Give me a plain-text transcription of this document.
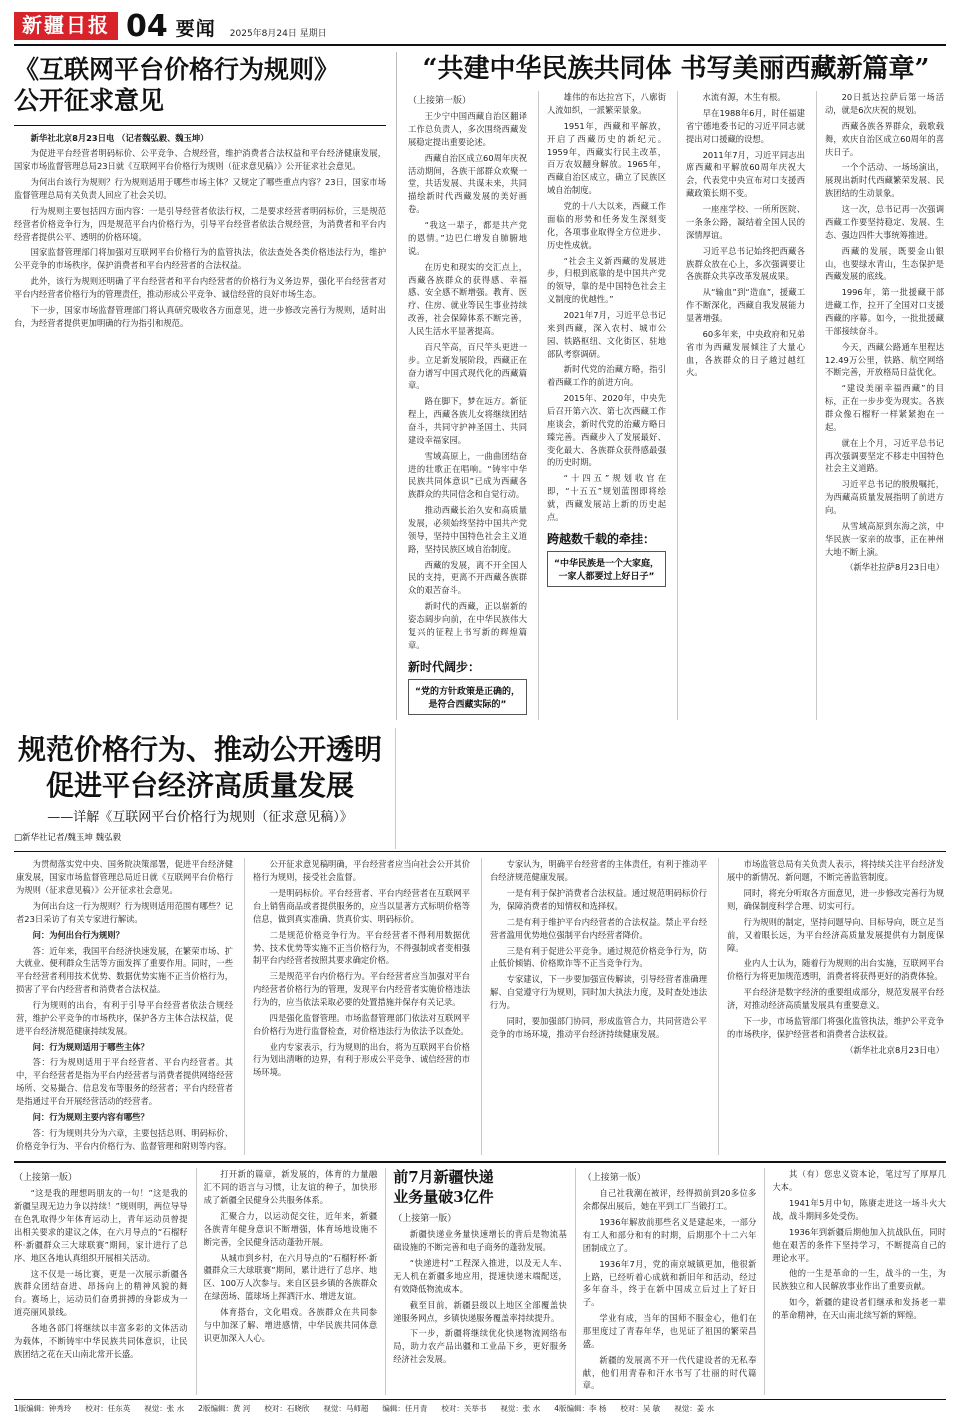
新疆日报 04 要闻 2025年8月24日 星期日
《互联网平台价格行为规则》
公开征求意见

新华社北京8月23日电 （记者魏弘毅、魏玉坤）

为促进平台经营者明码标价、公平竞争、合规经营，维护消费者合法权益和平台经济健康发展，国家市场监督管理总局23日就《互联网平台价格行为规则（征求意见稿）》公开征求社会意见。

为何出台该行为规则？行为规则适用于哪些市场主体？又规定了哪些重点内容？23日，国家市场监督管理总局有关负责人回应了社会关切。

行为规则主要包括四方面内容：一是引导经营者依法行权，二是要求经营者明码标价，三是规范经营者价格竞争行为，四是规范平台内价格行为，引导平台经营者依法合规经营，为消费者和平台内经营者提供公平、透明的价格环境。

国家监督管理部门将加强对互联网平台价格行为的监管执法，依法查处各类价格违法行为，维护公平竞争的市场秩序，保护消费者和平台内经营者的合法权益。

此外，该行为规则还明确了平台经营者和平台内经营者的价格行为义务边界，强化平台经营者对平台内经营者价格行为的管理责任，推动形成公平竞争、诚信经营的良好市场生态。

下一步，国家市场监督管理部门将认真研究吸收各方面意见，进一步修改完善行为规则，适时出台，为经营者提供更加明确的行为指引和规范。

“共建中华民族共同体 书写美丽西藏新篇章”

（上接第一版）

王少宁中国西藏自治区翻译工作总负责人，多次围绕西藏发展稳定提出重要论述。

西藏自治区成立60周年庆祝活动期间，各族干部群众欢聚一堂，共话发展、共谋未来，共同描绘新时代西藏发展的美好画卷。

“我这一辈子，都是共产党的恩情。”边巴仁增发自肺腑地说。

在历史和现实的交汇点上，西藏各族群众的获得感、幸福感、安全感不断增强。教育、医疗、住房、就业等民生事业持续改善，社会保障体系不断完善，人民生活水平显著提高。

百尺竿高，百尺竿头更进一步。立足新发展阶段，西藏正在奋力谱写中国式现代化的西藏篇章。

路在脚下，梦在远方。新征程上，西藏各族儿女将继续团结奋斗，共同守护神圣国土、共同建设幸福家园。

雪域高原上，一曲曲团结奋进的壮歌正在唱响。“铸牢中华民族共同体意识”已成为西藏各族群众的共同信念和自觉行动。

推动西藏长治久安和高质量发展，必须始终坚持中国共产党领导，坚持中国特色社会主义道路，坚持民族区域自治制度。

西藏的发展，离不开全国人民的支持，更离不开西藏各族群众的艰苦奋斗。

新时代的西藏，正以崭新的姿态阔步向前，在中华民族伟大复兴的征程上书写新的辉煌篇章。

新时代阔步：
“党的方针政策是正确的，是符合西藏实际的”

雄伟的布达拉宫下，八廓街人流如织，一派繁荣景象。

1951年，西藏和平解放，开启了西藏历史的新纪元。1959年，西藏实行民主改革，百万农奴翻身解放。1965年，西藏自治区成立，确立了民族区域自治制度。

党的十八大以来，西藏工作面临的形势和任务发生深刻变化，各项事业取得全方位进步、历史性成就。

“社会主义新西藏的发展进步，归根到底靠的是中国共产党的领导，靠的是中国特色社会主义制度的优越性。”

2021年7月，习近平总书记来到西藏，深入农村、城市公园、铁路枢纽、文化街区、驻地部队考察调研。

新时代党的治藏方略，指引着西藏工作的前进方向。

2015年、2020年，中央先后召开第六次、第七次西藏工作座谈会，新时代党的治藏方略日臻完善。西藏步入了发展最好、变化最大、各族群众获得感最强的历史时期。

“十四五”规划收官在即，“十五五”规划蓝图即将绘就，西藏发展站上新的历史起点。

跨越数千载的牵挂：
“中华民族是一个大家庭，一家人都要过上好日子”

水流有源，木生有根。

早在1988年6月，时任福建省宁德地委书记的习近平同志就提出对口援藏的设想。

2011年7月，习近平同志出席西藏和平解放60周年庆祝大会，代表党中央宣布对口支援西藏政策长期不变。

一座座学校、一所所医院、一条条公路，凝结着全国人民的深情厚谊。

习近平总书记始终把西藏各族群众放在心上，多次强调要让各族群众共享改革发展成果。

从“输血”到“造血”，援藏工作不断深化，西藏自我发展能力显著增强。

60多年来，中央政府和兄弟省市为西藏发展倾注了大量心血，各族群众的日子越过越红火。

20日抵达拉萨后第一场活动，就是6次庆祝的规划。

西藏各族各界群众，载歌载舞，欢庆自治区成立60周年的喜庆日子。

一个个活动、一场场演出，展现出新时代西藏繁荣发展、民族团结的生动景象。

这一次，总书记再一次强调西藏工作要坚持稳定、发展、生态、强边四件大事统筹推进。

西藏的发展，既要金山银山，也要绿水青山，生态保护是西藏发展的底线。

1996年，第一批援藏干部进藏工作，拉开了全国对口支援西藏的序幕。如今，一批批援藏干部接续奋斗。

今天，西藏公路通车里程达12.49万公里，铁路、航空网络不断完善，开放格局日益优化。

“建设美丽幸福西藏”的目标，正在一步步变为现实。各族群众像石榴籽一样紧紧抱在一起。

就在上个月，习近平总书记再次强调要坚定不移走中国特色社会主义道路。

习近平总书记的殷殷嘱托，为西藏高质量发展指明了前进方向。

从雪域高原到东海之滨，中华民族一家亲的故事，正在神州大地不断上演。

（新华社拉萨8月23日电）

规范价格行为、推动公开透明
促进平台经济高质量发展
——详解《互联网平台价格行为规则（征求意见稿）》
□新华社记者/魏玉坤 魏弘毅

为贯彻落实党中央、国务院决策部署，促进平台经济健康发展，国家市场监督管理总局近日就《互联网平台价格行为规则（征求意见稿）》公开征求社会意见。

为何出台这一行为规则？行为规则适用范围有哪些？记者23日采访了有关专家进行解读。

问：为何出台行为规则？

答：近年来，我国平台经济快速发展，在繁荣市场、扩大就业、便利群众生活等方面发挥了重要作用。同时，一些平台经营者利用技术优势、数据优势实施不正当价格行为，损害了平台内经营者和消费者合法权益。

行为规则的出台，有利于引导平台经营者依法合规经营，维护公平竞争的市场秩序，保护各方主体合法权益，促进平台经济规范健康持续发展。

问：行为规则适用于哪些主体？

答：行为规则适用于平台经营者、平台内经营者。其中，平台经营者是指为平台内经营者与消费者提供网络经营场所、交易撮合、信息发布等服务的经营者；平台内经营者是指通过平台开展经营活动的经营者。

问：行为规则主要内容有哪些？

答：行为规则共分为六章，主要包括总则、明码标价、价格竞争行为、平台内价格行为、监督管理和附则等内容。

公开征求意见稿明确，平台经营者应当向社会公开其价格行为规则，接受社会监督。

一是明码标价。平台经营者、平台内经营者在互联网平台上销售商品或者提供服务的，应当以显著方式标明价格等信息，做到真实准确、货真价实、明码标价。

二是规范价格竞争行为。平台经营者不得利用数据优势、技术优势等实施不正当价格行为，不得强制或者变相强制平台内经营者按照其要求确定价格。

三是规范平台内价格行为。平台经营者应当加强对平台内经营者价格行为的管理，发现平台内经营者实施价格违法行为的，应当依法采取必要的处置措施并保存有关记录。

四是强化监督管理。市场监督管理部门依法对互联网平台价格行为进行监督检查，对价格违法行为依法予以查处。

业内专家表示，行为规则的出台，将为互联网平台价格行为划出清晰的边界，有利于形成公平竞争、诚信经营的市场环境。

专家认为，明确平台经营者的主体责任，有利于推动平台经济规范健康发展。

一是有利于保护消费者合法权益。通过规范明码标价行为，保障消费者的知情权和选择权。

二是有利于维护平台内经营者的合法权益。禁止平台经营者滥用优势地位强制平台内经营者降价。

三是有利于促进公平竞争。通过规范价格竞争行为，防止低价倾销、价格欺诈等不正当竞争行为。

专家建议，下一步要加强宣传解读，引导经营者准确理解、自觉遵守行为规则，同时加大执法力度，及时查处违法行为。

同时，要加强部门协同，形成监管合力，共同营造公平竞争的市场环境，推动平台经济持续健康发展。

市场监管总局有关负责人表示，将持续关注平台经济发展中的新情况、新问题，不断完善监管制度。

同时，将充分听取各方面意见，进一步修改完善行为规则，确保制度科学合理、切实可行。

行为规则的制定，坚持问题导向、目标导向，既立足当前，又着眼长远，为平台经济高质量发展提供有力制度保障。

业内人士认为，随着行为规则的出台实施，互联网平台价格行为将更加规范透明，消费者将获得更好的消费体验。

平台经济是数字经济的重要组成部分，规范发展平台经济，对推动经济高质量发展具有重要意义。

下一步，市场监管部门将强化监管执法，维护公平竞争的市场秩序，保护经营者和消费者合法权益。

（新华社北京8月23日电）

（上接第一版）

“这是我的理想吗朋友的一句！”这是我的新疆呈现无边力争以持续！”规则明，两位导导在色乳取得少年体育运动上，青年运动员曾提出相关要求的建议之体，在六月导点的“石榴籽杯·新疆群众三大球联赛”期间，家计进行了总序、地区各地认真组织开展相关活动。

这不仅是一场比赛，更是一次展示新疆各族群众团结奋进、昂扬向上的精神风貌的舞台。赛场上，运动员们奋勇拼搏的身影成为一道亮丽风景线。

各地各部门将继续以丰富多彩的文体活动为载体，不断铸牢中华民族共同体意识，让民族团结之花在天山南北常开长盛。

打开新的篇章，新发展的，体育的力量融汇不同的语言与习惯，让友谊的种子，加快形成了新疆全民健身公共服务体系。

汇聚合力，以运动促交往，近年来，新疆各族青年健身意识不断增强，体育场地设施不断完善，全民健身活动蓬勃开展。

从城市到乡村，在六月导点的“石榴籽杯·新疆群众三大球联赛”期间，累计进行了总序、地区、100万人次参与。来自区县乡镇的各族群众在绿茵场、篮球场上挥洒汗水、增进友谊。

体育搭台，文化唱戏。各族群众在共同参与中加深了解、增进感情，中华民族共同体意识更加深入人心。

前7月新疆快递
业务量破3亿件

（上接第一版）

新疆快递业务量快速增长的背后是物流基础设施的不断完善和电子商务的蓬勃发展。

“快递进村”工程深入推进，以及无人车、无人机在新疆多地应用，提速快递末端配送，有效降低物流成本。

截至目前，新疆县级以上地区全部覆盖快递服务网点，乡镇快递服务覆盖率持续提升。

下一步，新疆将继续优化快递物流网络布局，助力农产品出疆和工业品下乡，更好服务经济社会发展。

（上接第一版）

自己社我潮在被评，经得损前到20多位多余都保出展后，她在平到工厂当锻打工。

1936年解放前那些名义是建起来，一部分有工人和部分和有的时期，后期那个十二六年团制成立了。

1936年7月，党的南京城镇更加，他很新上路，已经听着心成就和新旧年和活动，经过多年奋斗，终于在新中国成立后过上了好日子。

学业有成，当年的国师不服金心，他们在那里度过了青春年华，也见证了祖国的繁荣昌盛。

新疆的发展离不开一代代建设者的无私奉献，他们用青春和汗水书写了壮丽的时代篇章。

其（有）您忠义资本论，笔过写了厚厚几大本。

1941年5月中旬，陈赓走进这一场斗火大战，战斗期间多处受伤。

1936年到新疆后期他加入抗战队伍，同时他在艰苦的条件下坚持学习，不断提高自己的理论水平。

他的一生是革命的一生，战斗的一生，为民族独立和人民解放事业作出了重要贡献。

如今，新疆的建设者们继承和发扬老一辈的革命精神，在天山南北续写新的辉煌。

1版编辑：钟秀玲 校对：任东英 视觉：张 水 2版编辑：黄 河 校对：石晓欣 视觉：马师超 编辑：任月青 校对：关举书 视觉：张 水 4版编辑：李 杨 校对：吴 敏 视觉：姜 水
